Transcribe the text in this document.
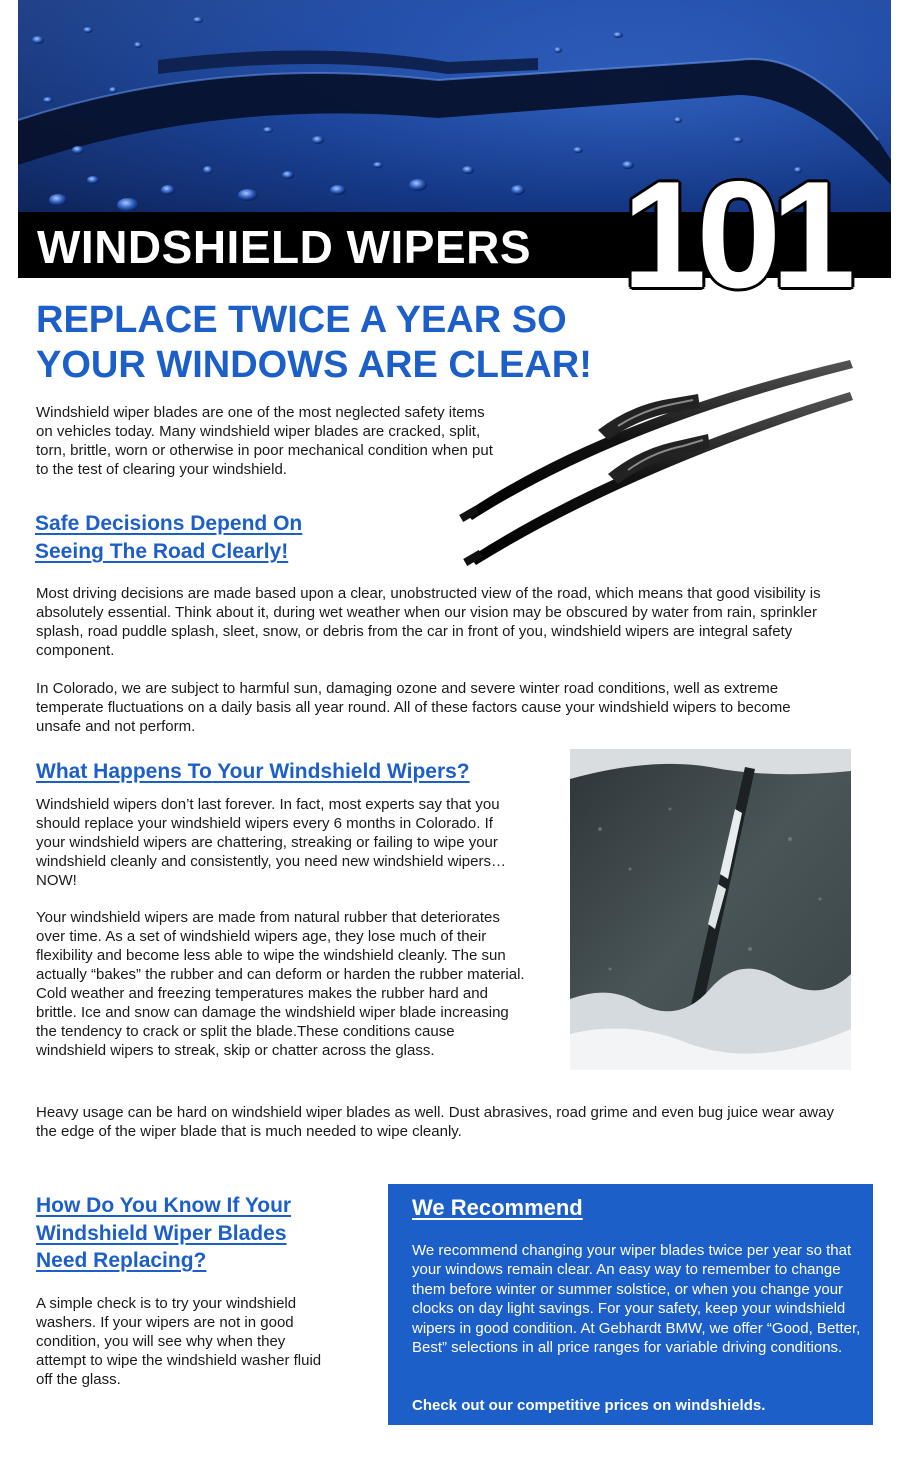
WINDSHIELD WIPERS 101
REPLACE TWICE A YEAR SO
YOUR WINDOWS ARE CLEAR!
Windshield wiper blades are one of the most neglected safety items on vehicles today. Many windshield wiper blades are cracked, split, torn, brittle, worn or otherwise in poor mechanical condition when put to the test of clearing your windshield.
Safe Decisions Depend On
Seeing The Road Clearly!
Most driving decisions are made based upon a clear, unobstructed view of the road, which means that good visibility is absolutely essential. Think about it, during wet weather when our vision may be obscured by water from rain, sprinkler splash, road puddle splash, sleet, snow, or debris from the car in front of you, windshield wipers are integral safety component.
In Colorado, we are subject to harmful sun, damaging ozone and severe winter road conditions, well as extreme temperate fluctuations on a daily basis all year round. All of these factors cause your windshield wipers to become unsafe and not perform.
What Happens To Your Windshield Wipers?
Windshield wipers don’t last forever. In fact, most experts say that you should replace your windshield wipers every 6 months in Colorado. If your windshield wipers are chattering, streaking or failing to wipe your windshield cleanly and consistently, you need new windshield wipers… NOW!
Your windshield wipers are made from natural rubber that deteriorates over time. As a set of windshield wipers age, they lose much of their flexibility and become less able to wipe the windshield cleanly. The sun actually “bakes” the rubber and can deform or harden the rubber material. Cold weather and freezing temperatures makes the rubber hard and brittle. Ice and snow can damage the windshield wiper blade increasing the tendency to crack or split the blade.These conditions cause windshield wipers to streak, skip or chatter across the glass.
Heavy usage can be hard on windshield wiper blades as well. Dust abrasives, road grime and even bug juice wear away the edge of the wiper blade that is much needed to wipe cleanly.
How Do You Know If Your
Windshield Wiper Blades
Need Replacing?
A simple check is to try your windshield washers. If your wipers are not in good condition, you will see why when they attempt to wipe the windshield washer fluid off the glass.
We Recommend
We recommend changing your wiper blades twice per year so that your windows remain clear. An easy way to remember to change them before winter or summer solstice, or when you change your clocks on day light savings. For your safety, keep your windshield wipers in good condition. At Gebhardt BMW, we offer “Good, Better, Best” selections in all price ranges for variable driving conditions.
Check out our competitive prices on windshields.
